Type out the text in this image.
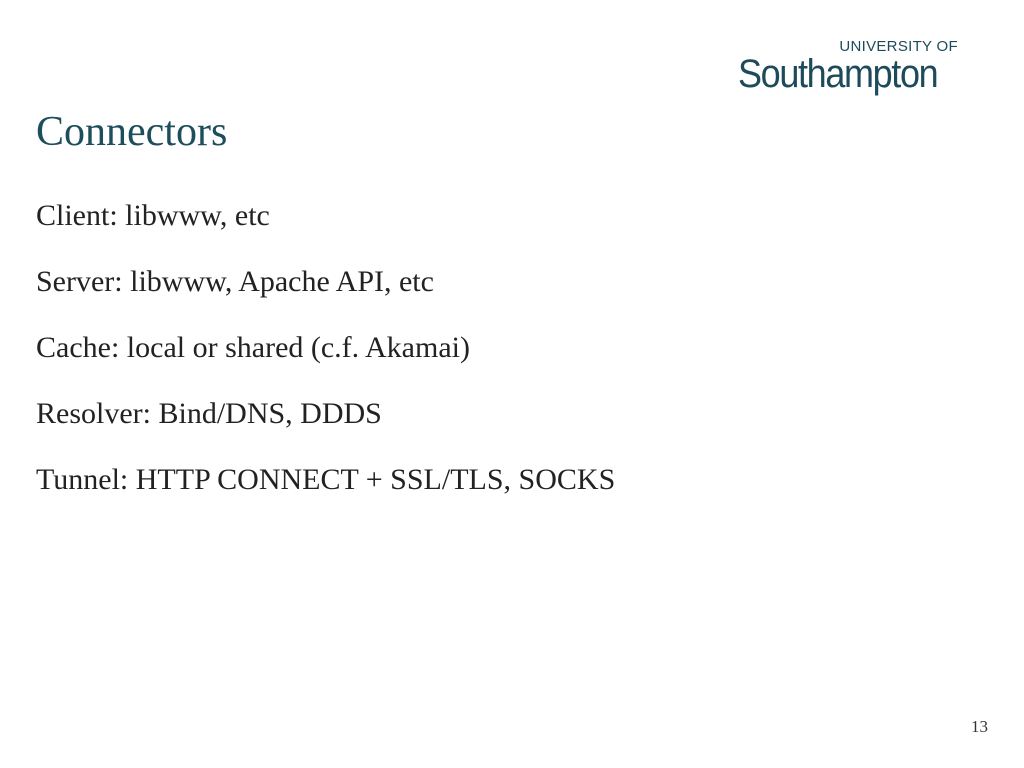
UNIVERSITY OF
Southampton
Connectors
Client: libwww, etc
Server: libwww, Apache API, etc
Cache: local or shared (c.f. Akamai)
Resolver: Bind/DNS, DDDS
Tunnel: HTTP CONNECT + SSL/TLS, SOCKS
13
